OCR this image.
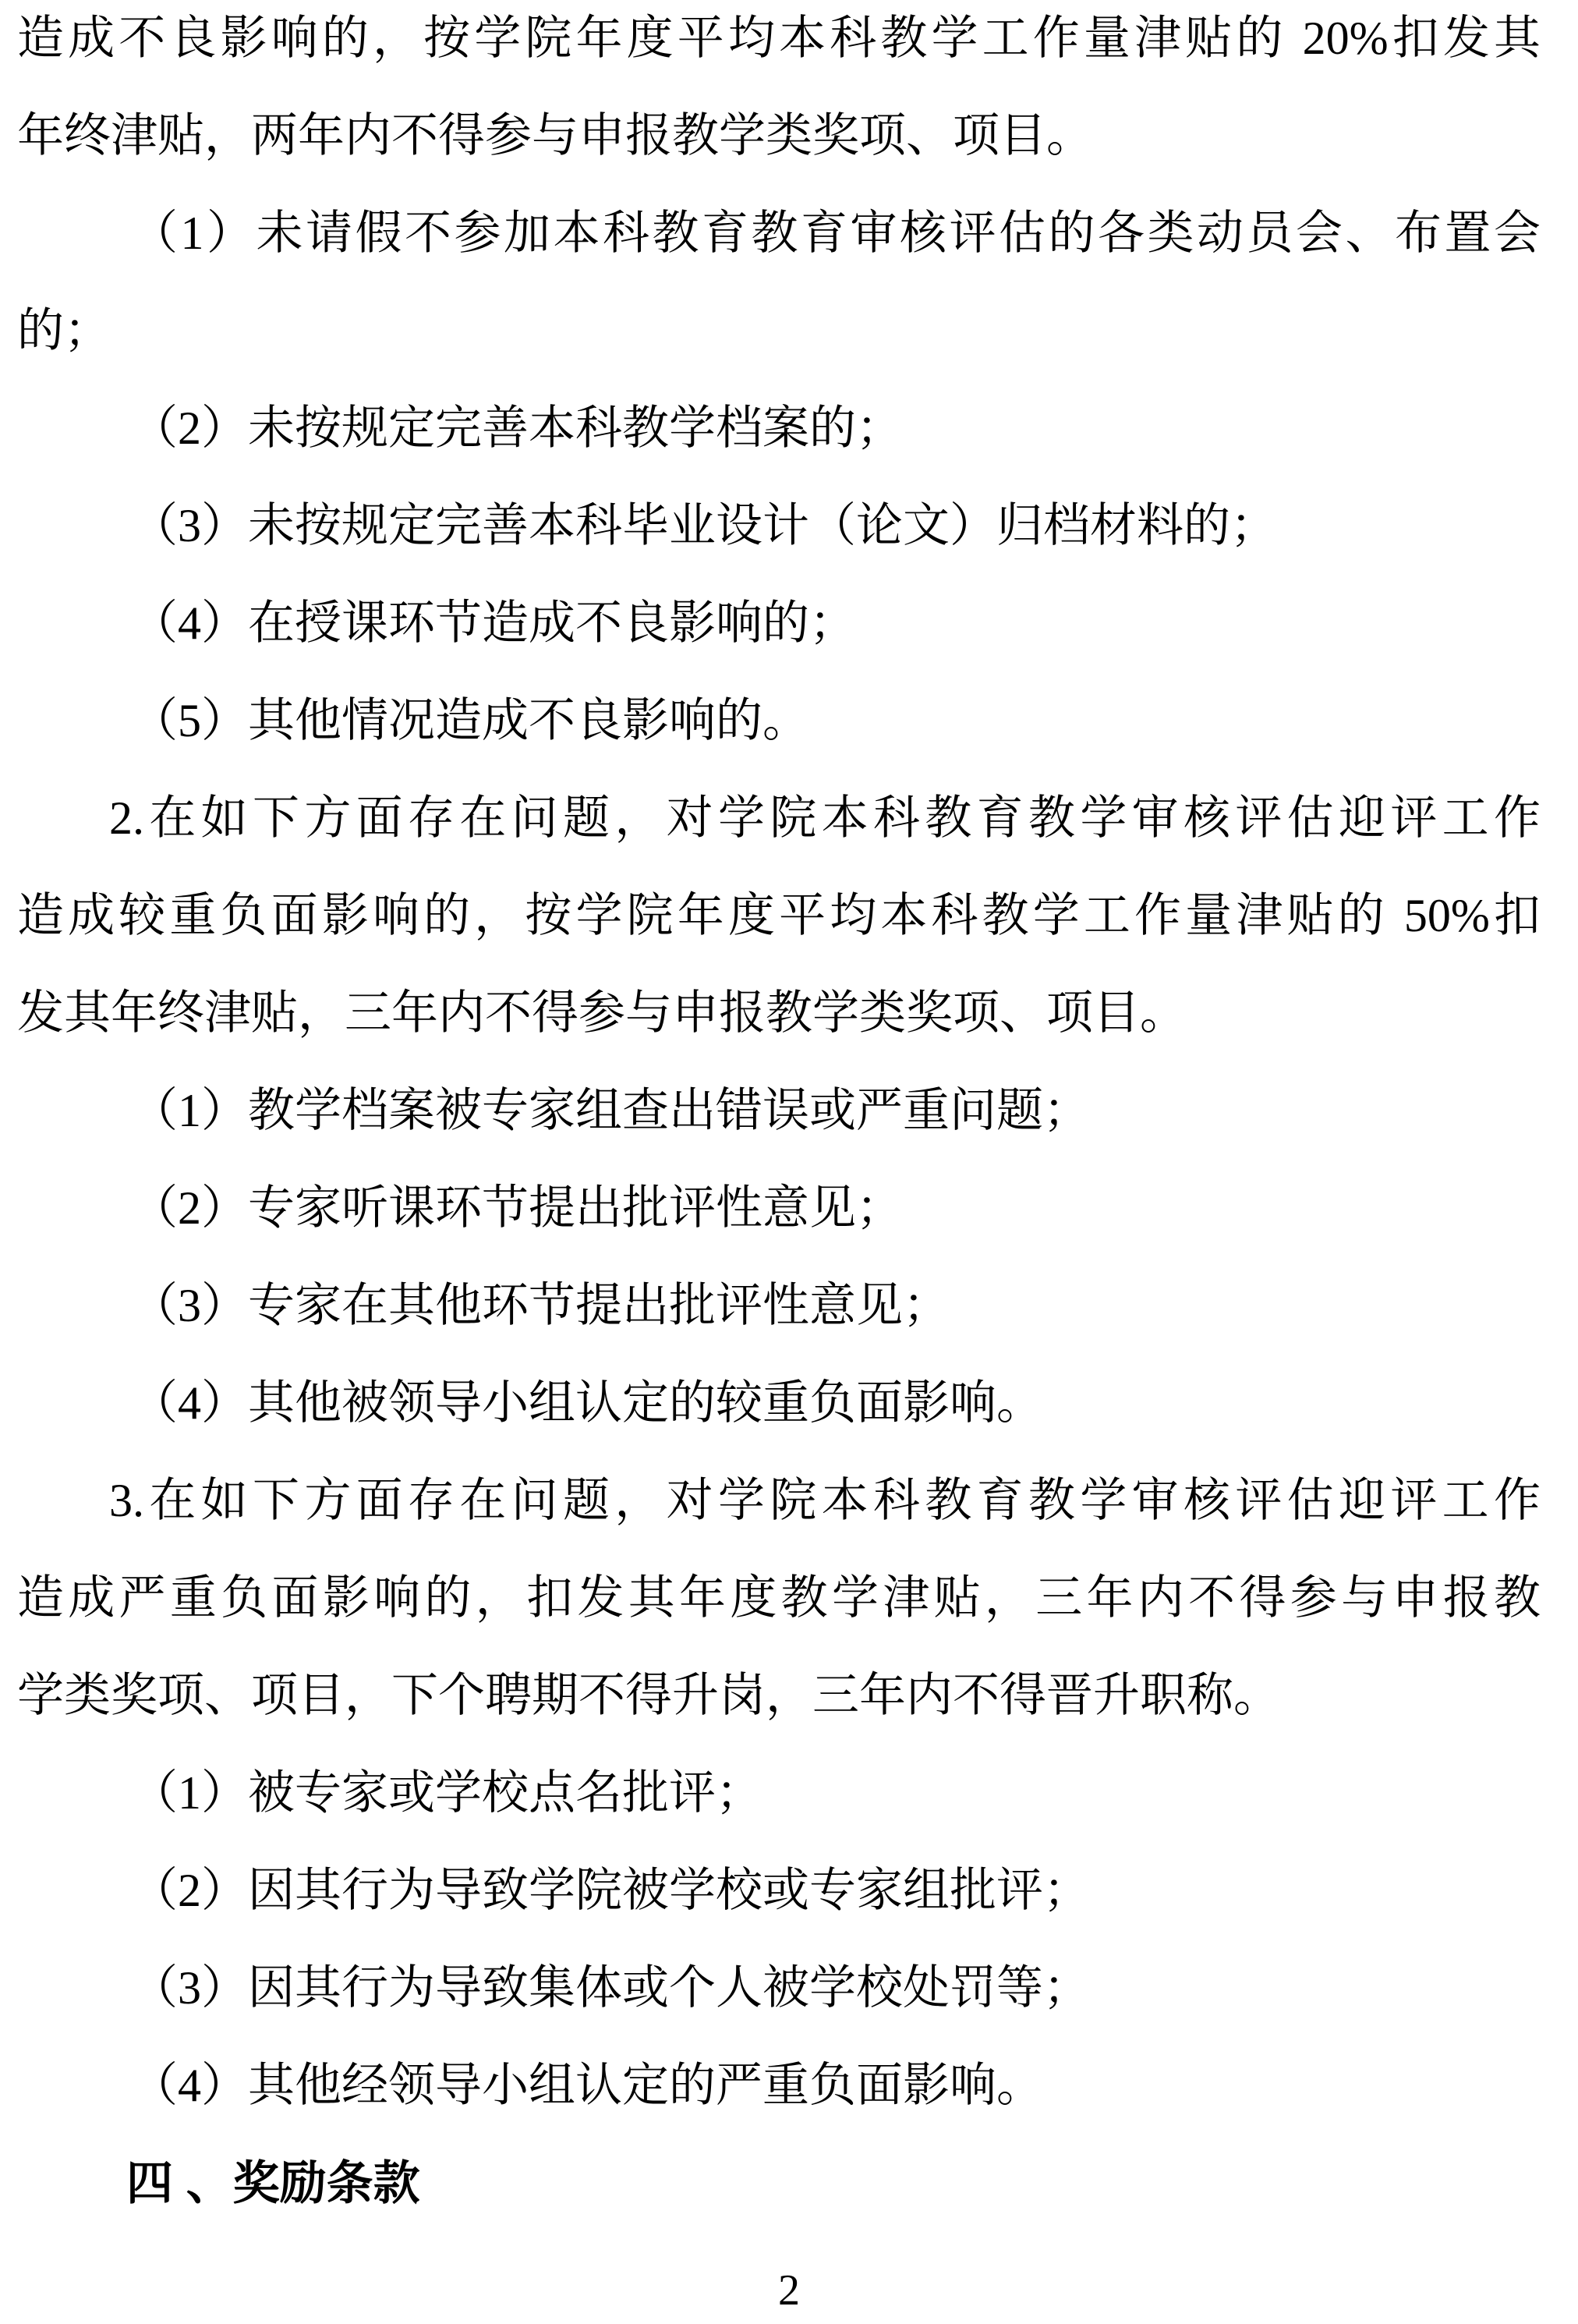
造成不良影响的，按学院年度平均本科教学工作量津贴的 20%扣发其
年终津贴，两年内不得参与申报教学类奖项、项目。
（1）未请假不参加本科教育教育审核评估的各类动员会、布置会
的；
（2）未按规定完善本科教学档案的；
（3）未按规定完善本科毕业设计（论文）归档材料的；
（4）在授课环节造成不良影响的；
（5）其他情况造成不良影响的。
2.在如下方面存在问题，对学院本科教育教学审核评估迎评工作
造成较重负面影响的，按学院年度平均本科教学工作量津贴的 50%扣
发其年终津贴，三年内不得参与申报教学类奖项、项目。
（1）教学档案被专家组查出错误或严重问题；
（2）专家听课环节提出批评性意见；
（3）专家在其他环节提出批评性意见；
（4）其他被领导小组认定的较重负面影响。
3.在如下方面存在问题，对学院本科教育教学审核评估迎评工作
造成严重负面影响的，扣发其年度教学津贴，三年内不得参与申报教
学类奖项、项目，下个聘期不得升岗，三年内不得晋升职称。
（1）被专家或学校点名批评；
（2）因其行为导致学院被学校或专家组批评；
（3）因其行为导致集体或个人被学校处罚等；
（4）其他经领导小组认定的严重负面影响。
四 、奖励条款
2
